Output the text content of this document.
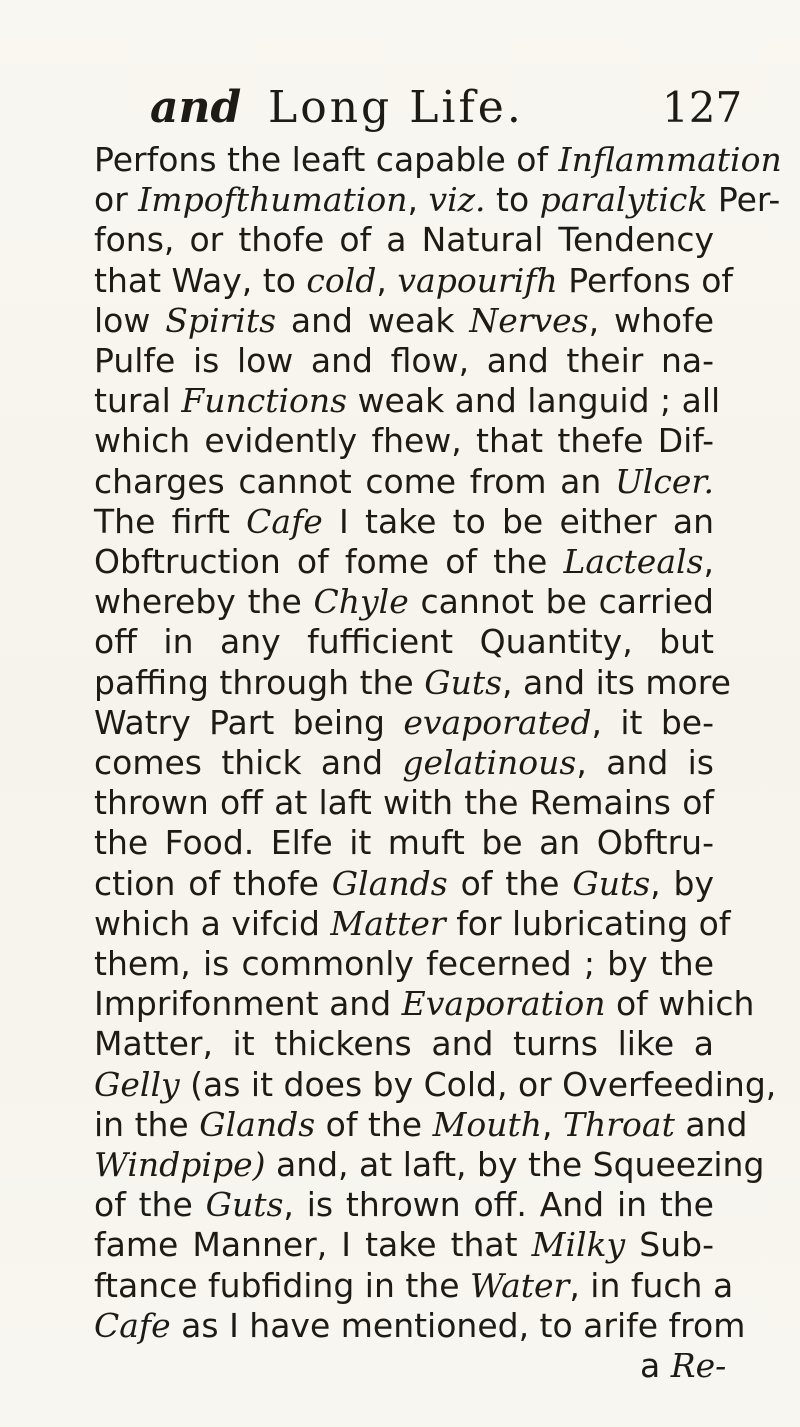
and Long Life.	127
Perfons the leaft capable of Inflammation
or Impofthumation, viz. to paralytick Per-
fons, or thofe of a Natural Tendency
that Way, to cold, vapourifh Perfons of
low Spirits and weak Nerves, whofe
Pulfe is low and flow, and their na-
tural Functions weak and languid ; all
which evidently fhew, that thefe Dif-
charges cannot come from an Ulcer.
The firft Cafe I take to be either an
Obftruction of fome of the Lacteals,
whereby the Chyle cannot be carried
off in any fufficient Quantity, but
paffing through the Guts, and its more
Watry Part being evaporated, it be-
comes thick and gelatinous, and is
thrown off at laft with the Remains of
the Food. Elfe it muft be an Obftru-
ction of thofe Glands of the Guts, by
which a vifcid Matter for lubricating of
them, is commonly fecerned ; by the
Imprifonment and Evaporation of which
Matter, it thickens and turns like a
Gelly (as it does by Cold, or Overfeeding,
in the Glands of the Mouth, Throat and
Windpipe) and, at laft, by the Squeezing
of the Guts, is thrown off. And in the
fame Manner, I take that Milky Sub-
ftance fubfiding in the Water, in fuch a
Cafe as I have mentioned, to arife from
a Re-
